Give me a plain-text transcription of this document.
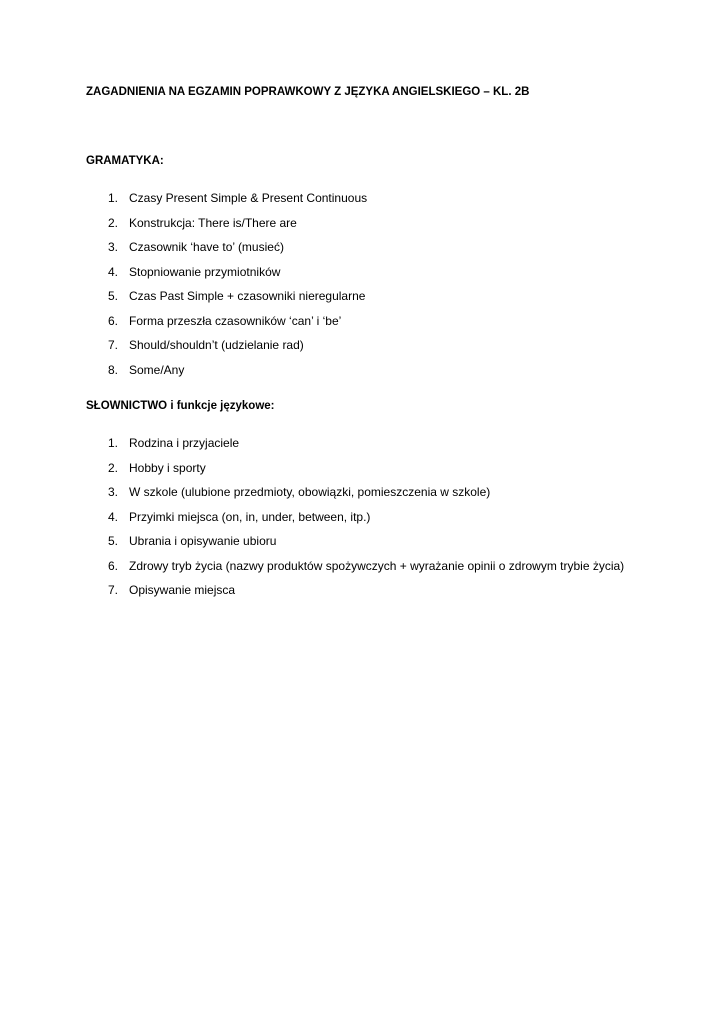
ZAGADNIENIA NA EGZAMIN POPRAWKOWY Z JĘZYKA ANGIELSKIEGO – KL. 2B
GRAMATYKA:
1. Czasy Present Simple & Present Continuous
2. Konstrukcja: There is/There are
3. Czasownik ‘have to’ (musieć)
4. Stopniowanie przymiotników
5. Czas Past Simple + czasowniki nieregularne
6. Forma przeszła czasowników ‘can’ i ‘be’
7. Should/shouldn’t (udzielanie rad)
8. Some/Any
SŁOWNICTWO i funkcje językowe:
1. Rodzina i przyjaciele
2. Hobby i sporty
3. W szkole (ulubione przedmioty, obowiązki, pomieszczenia w szkole)
4. Przyimki miejsca (on, in, under, between, itp.)
5. Ubrania i opisywanie ubioru
6. Zdrowy tryb życia (nazwy produktów spożywczych + wyrażanie opinii o zdrowym trybie życia)
7. Opisywanie miejsca
